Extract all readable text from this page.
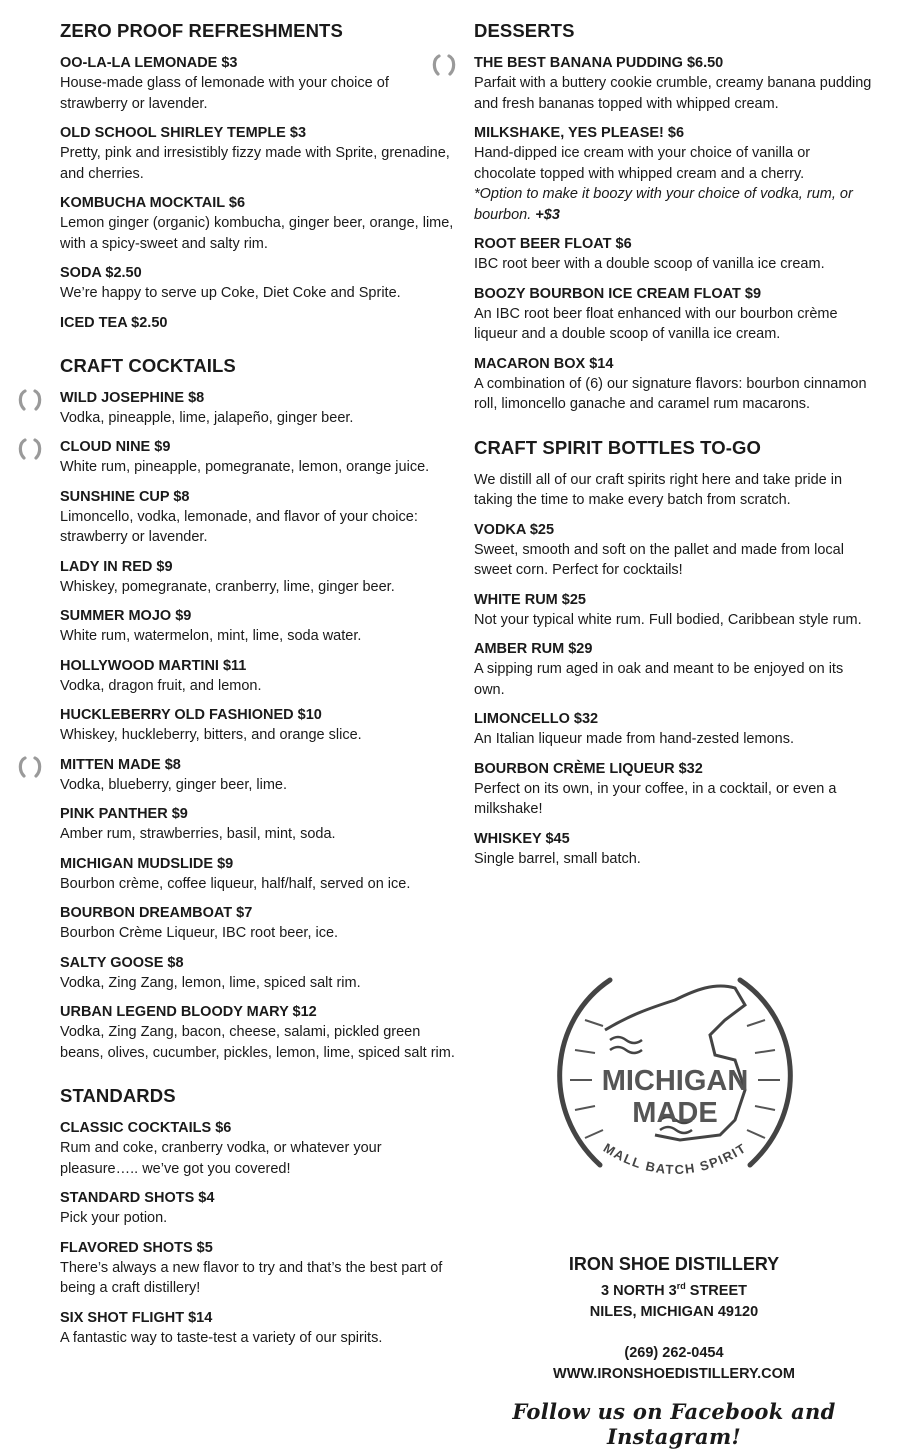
ZERO PROOF REFRESHMENTS
OO-LA-LA LEMONADE $3
House-made glass of lemonade with your choice of strawberry or lavender.
OLD SCHOOL SHIRLEY TEMPLE $3
Pretty, pink and irresistibly fizzy made with Sprite, grenadine, and cherries.
KOMBUCHA MOCKTAIL $6
Lemon ginger (organic) kombucha, ginger beer, orange, lime, with a spicy-sweet and salty rim.
SODA $2.50
We’re happy to serve up Coke, Diet Coke and Sprite.
ICED TEA $2.50
CRAFT COCKTAILS
WILD JOSEPHINE $8
Vodka, pineapple, lime, jalapeño, ginger beer.
CLOUD NINE $9
White rum, pineapple, pomegranate, lemon, orange juice.
SUNSHINE CUP $8
Limoncello, vodka, lemonade, and flavor of your choice: strawberry or lavender.
LADY IN RED $9
Whiskey, pomegranate, cranberry, lime, ginger beer.
SUMMER MOJO $9
White rum, watermelon, mint, lime, soda water.
HOLLYWOOD MARTINI $11
Vodka, dragon fruit, and lemon.
HUCKLEBERRY OLD FASHIONED $10
Whiskey, huckleberry, bitters, and orange slice.
MITTEN MADE $8
Vodka, blueberry, ginger beer, lime.
PINK PANTHER $9
Amber rum, strawberries, basil, mint, soda.
MICHIGAN MUDSLIDE $9
Bourbon crème, coffee liqueur, half/half, served on ice.
BOURBON DREAMBOAT $7
Bourbon Crème Liqueur, IBC root beer, ice.
SALTY GOOSE $8
Vodka, Zing Zang, lemon, lime, spiced salt rim.
URBAN LEGEND BLOODY MARY $12
Vodka, Zing Zang, bacon, cheese, salami, pickled green beans, olives, cucumber, pickles, lemon, lime, spiced salt rim.
STANDARDS
CLASSIC COCKTAILS $6
Rum and coke, cranberry vodka, or whatever your pleasure….. we’ve got you covered!
STANDARD SHOTS $4
Pick your potion.
FLAVORED SHOTS $5
There’s always a new flavor to try and that’s the best part of being a craft distillery!
SIX SHOT FLIGHT $14
A fantastic way to taste-test a variety of our spirits.
DESSERTS
THE BEST BANANA PUDDING $6.50
Parfait with a buttery cookie crumble, creamy banana pudding and fresh bananas topped with whipped cream.
MILKSHAKE, YES PLEASE! $6
Hand-dipped ice cream with your choice of vanilla or chocolate topped with whipped cream and a cherry.
*Option to make it boozy with your choice of vodka, rum, or bourbon. +$3
ROOT BEER FLOAT $6
IBC root beer with a double scoop of vanilla ice cream.
BOOZY BOURBON ICE CREAM FLOAT $9
An IBC root beer float enhanced with our bourbon crème liqueur and a double scoop of vanilla ice cream.
MACARON BOX $14
A combination of (6) our signature flavors: bourbon cinnamon roll, limoncello ganache and caramel rum macarons.
CRAFT SPIRIT BOTTLES TO-GO
We distill all of our craft spirits right here and take pride in taking the time to make every batch from scratch.
VODKA $25
Sweet, smooth and soft on the pallet and made from local sweet corn. Perfect for cocktails!
WHITE RUM $25
Not your typical white rum. Full bodied, Caribbean style rum.
AMBER RUM $29
A sipping rum aged in oak and meant to be enjoyed on its own.
LIMONCELLO $32
An Italian liqueur made from hand-zested lemons.
BOURBON CRÈME LIQUEUR $32
Perfect on its own, in your coffee, in a cocktail, or even a milkshake!
WHISKEY $45
Single barrel, small batch.
MICHIGAN
MADE
MALL BATCH SPIRIT
IRON SHOE DISTILLERY
3 NORTH 3rd STREET
NILES, MICHIGAN 49120
(269) 262-0454
WWW.IRONSHOEDISTILLERY.COM
Follow us on Facebook and Instagram!
